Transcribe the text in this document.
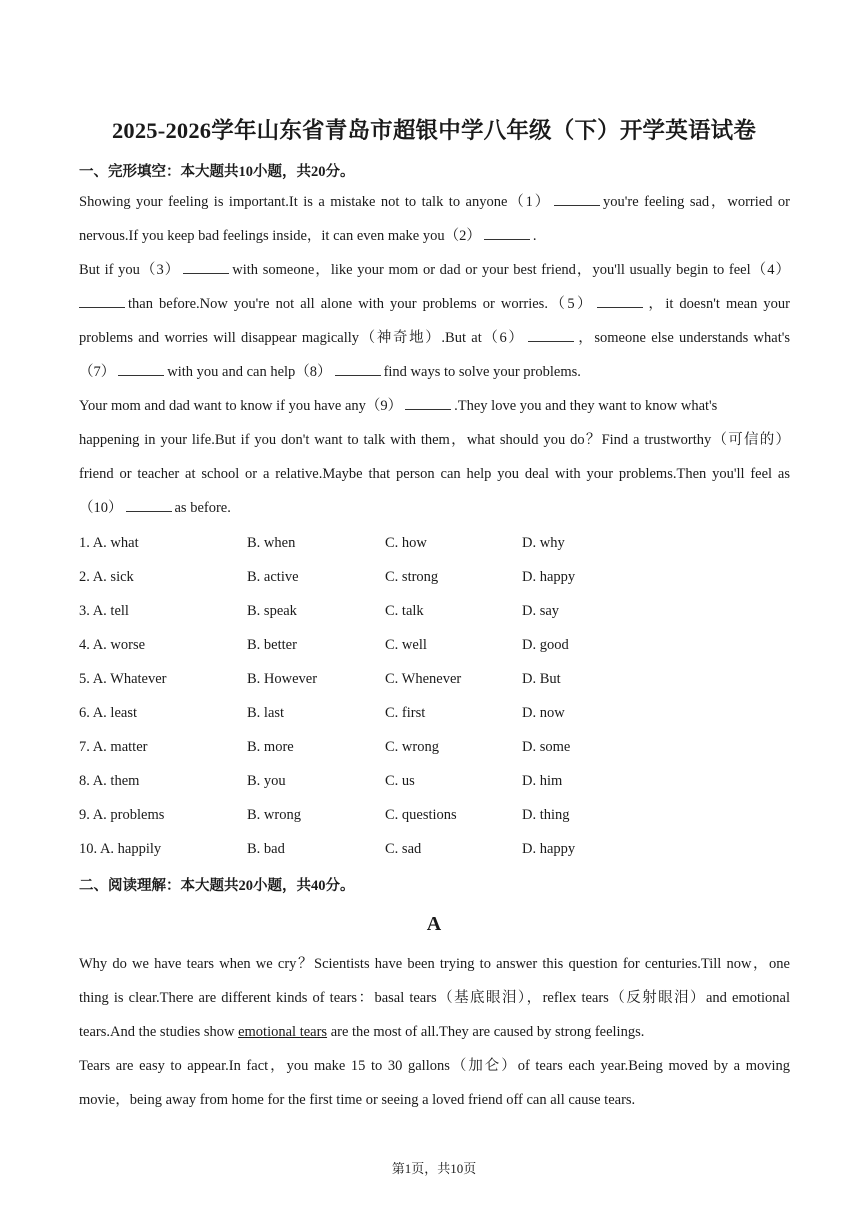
2025-2026学年山东省青岛市超银中学八年级（下）开学英语试卷
一、完形填空：本大题共10小题，共20分。
Showing your feeling is important.It is a mistake not to talk to anyone（1）	you're feeling sad，worried or
nervous.If you keep bad feelings inside，it can even make you（2）	.
But if you（3）	with someone，like your mom or dad or your best friend，you'll usually begin to feel（4）
than before.Now you're not all alone with your problems or worries.（5）	，it doesn't mean your
problems and worries will disappear magically（神奇地）.But at（6）	，someone else understands what's
（7）	with you and can help（8）	find ways to solve your problems.
Your mom and dad want to know if you have any（9）	.They love you and they want to know what's
happening in your life.But if you don't want to talk with them，what should you do？Find a trustworthy（可信的）
friend or teacher at school or a relative.Maybe that person can help you deal with your problems.Then you'll feel as
（10）	as before.
1. A. what	B. when	C. how	D. why
2. A. sick	B. active	C. strong	D. happy
3. A. tell	B. speak	C. talk	D. say
4. A. worse	B. better	C. well	D. good
5. A. Whatever	B. However	C. Whenever	D. But
6. A. least	B. last	C. first	D. now
7. A. matter	B. more	C. wrong	D. some
8. A. them	B. you	C. us	D. him
9. A. problems	B. wrong	C. questions	D. thing
10. A. happily	B. bad	C. sad	D. happy
二、阅读理解：本大题共20小题，共40分。
A
Why do we have tears when we cry？Scientists have been trying to answer this question for centuries.Till now，one
thing is clear.There are different kinds of tears：basal tears（基底眼泪），reflex tears（反射眼泪）and emotional
tears.And the studies show emotional tears are the most of all.They are caused by strong feelings.
Tears are easy to appear.In fact，you make 15 to 30 gallons（加仑）of tears each year.Being moved by a moving
movie，being away from home for the first time or seeing a loved friend off can all cause tears.
第1页，共10页
